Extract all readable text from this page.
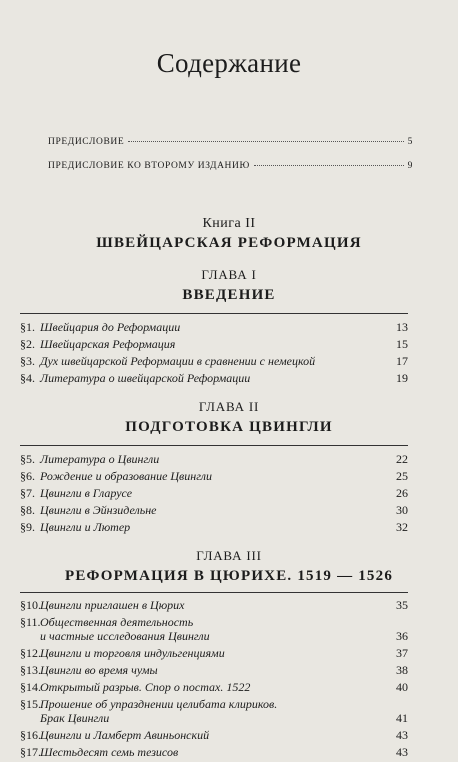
Содержание
ПРЕДИСЛОВИЕ	5
ПРЕДИСЛОВИЕ КО ВТОРОМУ ИЗДАНИЮ	9
Книга II
ШВЕЙЦАРСКАЯ РЕФОРМАЦИЯ
ГЛАВА I
ВВЕДЕНИЕ
§1. Швейцария до Реформации	13
§2. Швейцарская Реформация	15
§3. Дух швейцарской Реформации в сравнении с немецкой	17
§4. Литература о швейцарской Реформации	19
ГЛАВА II
ПОДГОТОВКА ЦВИНГЛИ
§5. Литература о Цвингли	22
§6. Рождение и образование Цвингли	25
§7. Цвингли в Гларусе	26
§8. Цвингли в Эйнзидельне	30
§9. Цвингли и Лютер	32
ГЛАВА III
РЕФОРМАЦИЯ В ЦЮРИХЕ. 1519 — 1526
§10. Цвингли приглашен в Цюрих	35
§11. Общественная деятельность
и частные исследования Цвингли	36
§12. Цвингли и торговля индульгенциями	37
§13. Цвингли во время чумы	38
§14. Открытый разрыв. Спор о постах. 1522	40
§15. Прошение об упразднении целибата клириков.
Брак Цвингли	41
§16. Цвингли и Ламберт Авиньонский	43
§17. Шестьдесят семь тезисов	43
